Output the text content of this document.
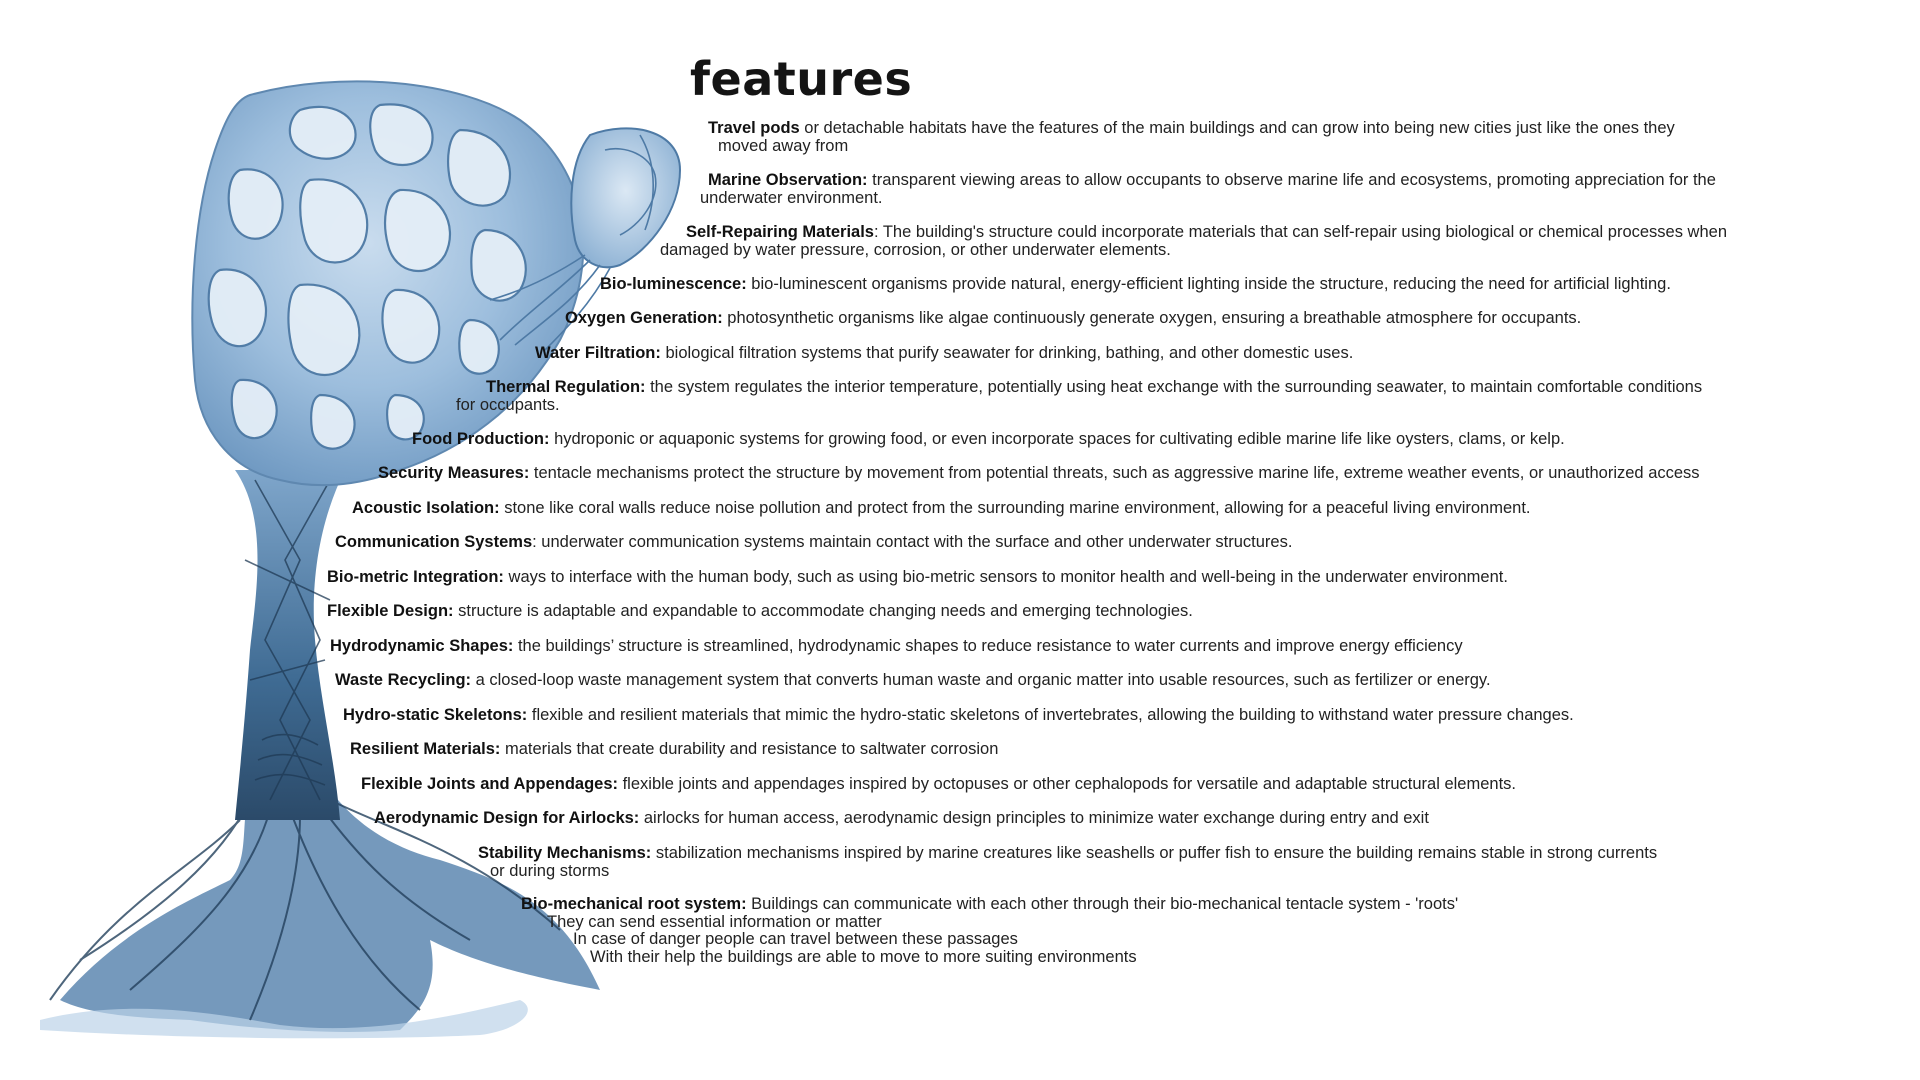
features

Travel pods or detachable habitats have the features of the main buildings and can grow into being new cities just like the ones they
moved away from

Marine Observation: transparent viewing areas to allow occupants to observe marine life and ecosystems, promoting appreciation for the
underwater environment.

Self-Repairing Materials: The building's structure could incorporate materials that can self-repair using biological or chemical processes when
damaged by water pressure, corrosion, or other underwater elements.

Bio-luminescence: bio-luminescent organisms provide natural, energy-efficient lighting inside the structure, reducing the need for artificial lighting.

Oxygen Generation: photosynthetic organisms like algae continuously generate oxygen, ensuring a breathable atmosphere for occupants.

Water Filtration: biological filtration systems that purify seawater for drinking, bathing, and other domestic uses.

Thermal Regulation: the system regulates the interior temperature, potentially using heat exchange with the surrounding seawater, to maintain comfortable conditions
for occupants.

Food Production: hydroponic or aquaponic systems for growing food, or even incorporate spaces for cultivating edible marine life like oysters, clams, or kelp.

Security Measures: tentacle mechanisms protect the structure by movement from potential threats, such as aggressive marine life, extreme weather events, or unauthorized access

Acoustic Isolation: stone like coral walls reduce noise pollution and protect from the surrounding marine environment, allowing for a peaceful living environment.

Communication Systems: underwater communication systems maintain contact with the surface and other underwater structures.

Bio-metric Integration: ways to interface with the human body, such as using bio-metric sensors to monitor health and well-being in the underwater environment.

Flexible Design: structure is adaptable and expandable to accommodate changing needs and emerging technologies.

Hydrodynamic Shapes: the buildings’ structure is streamlined, hydrodynamic shapes to reduce resistance to water currents and improve energy efficiency

Waste Recycling: a closed-loop waste management system that converts human waste and organic matter into usable resources, such as fertilizer or energy.

Hydro-static Skeletons: flexible and resilient materials that mimic the hydro-static skeletons of invertebrates, allowing the building to withstand water pressure changes.

Resilient Materials: materials that create durability and resistance to saltwater corrosion

Flexible Joints and Appendages: flexible joints and appendages inspired by octopuses or other cephalopods for versatile and adaptable structural elements.

Aerodynamic Design for Airlocks: airlocks for human access, aerodynamic design principles to minimize water exchange during entry and exit

Stability Mechanisms: stabilization mechanisms inspired by marine creatures like seashells or puffer fish to ensure the building remains stable in strong currents
or during storms

Bio-mechanical root system: Buildings can communicate with each other through their bio-mechanical tentacle system - 'roots'
They can send essential information or matter
In case of danger people can travel between these passages
With their help the buildings are able to move to more suiting environments
